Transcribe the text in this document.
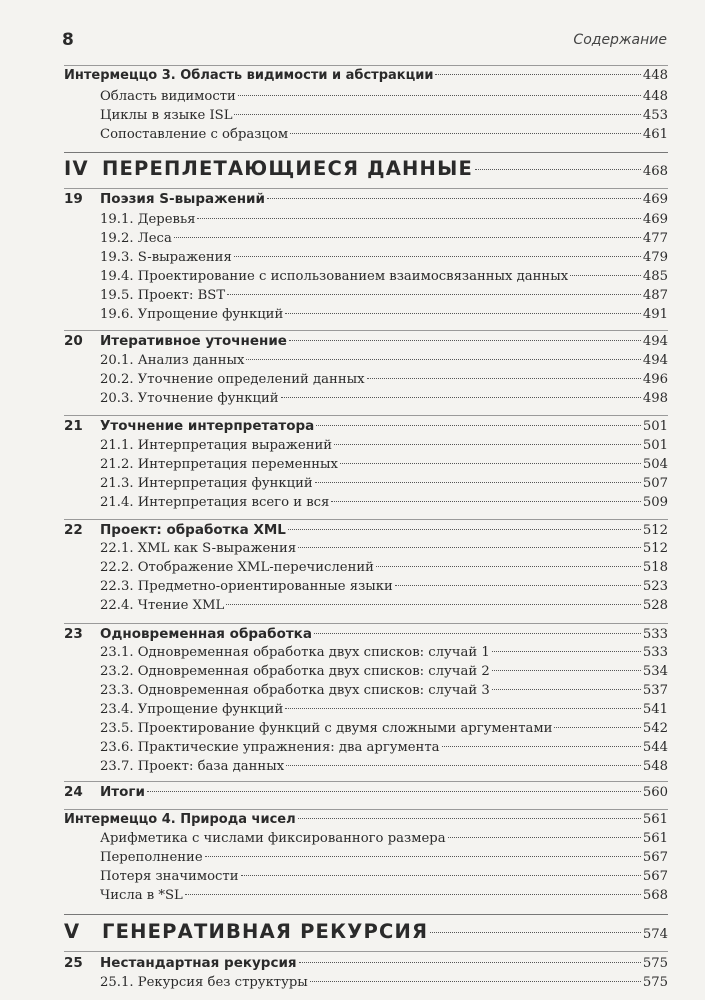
8	Содержание
Интермеццо 3. Область видимости и абстракции	448
Область видимости	448
Циклы в языке ISL	453
Сопоставление с образцом	461
IV ПЕРЕПЛЕТАЮЩИЕСЯ ДАННЫЕ	468
19	Поэзия S-выражений	469
19.1. Деревья	469
19.2. Леса	477
19.3. S-выражения	479
19.4. Проектирование с использованием взаимосвязанных данных	485
19.5. Проект: BST	487
19.6. Упрощение функций	491
20	Итеративное уточнение	494
20.1. Анализ данных	494
20.2. Уточнение определений данных	496
20.3. Уточнение функций	498
21	Уточнение интерпретатора	501
21.1. Интерпретация выражений	501
21.2. Интерпретация переменных	504
21.3. Интерпретация функций	507
21.4. Интерпретация всего и вся	509
22	Проект: обработка XML	512
22.1. XML как S-выражения	512
22.2. Отображение XML-перечислений	518
22.3. Предметно-ориентированные языки	523
22.4. Чтение XML	528
23	Одновременная обработка	533
23.1. Одновременная обработка двух списков: случай 1	533
23.2. Одновременная обработка двух списков: случай 2	534
23.3. Одновременная обработка двух списков: случай 3	537
23.4. Упрощение функций	541
23.5. Проектирование функций с двумя сложными аргументами	542
23.6. Практические упражнения: два аргумента	544
23.7. Проект: база данных	548
24	Итоги	560
Интермеццо 4. Природа чисел	561
Арифметика с числами фиксированного размера	561
Переполнение	567
Потеря значимости	567
Числа в *SL	568
V	ГЕНЕРАТИВНАЯ РЕКУРСИЯ	574
25	Нестандартная рекурсия	575
25.1. Рекурсия без структуры	575
